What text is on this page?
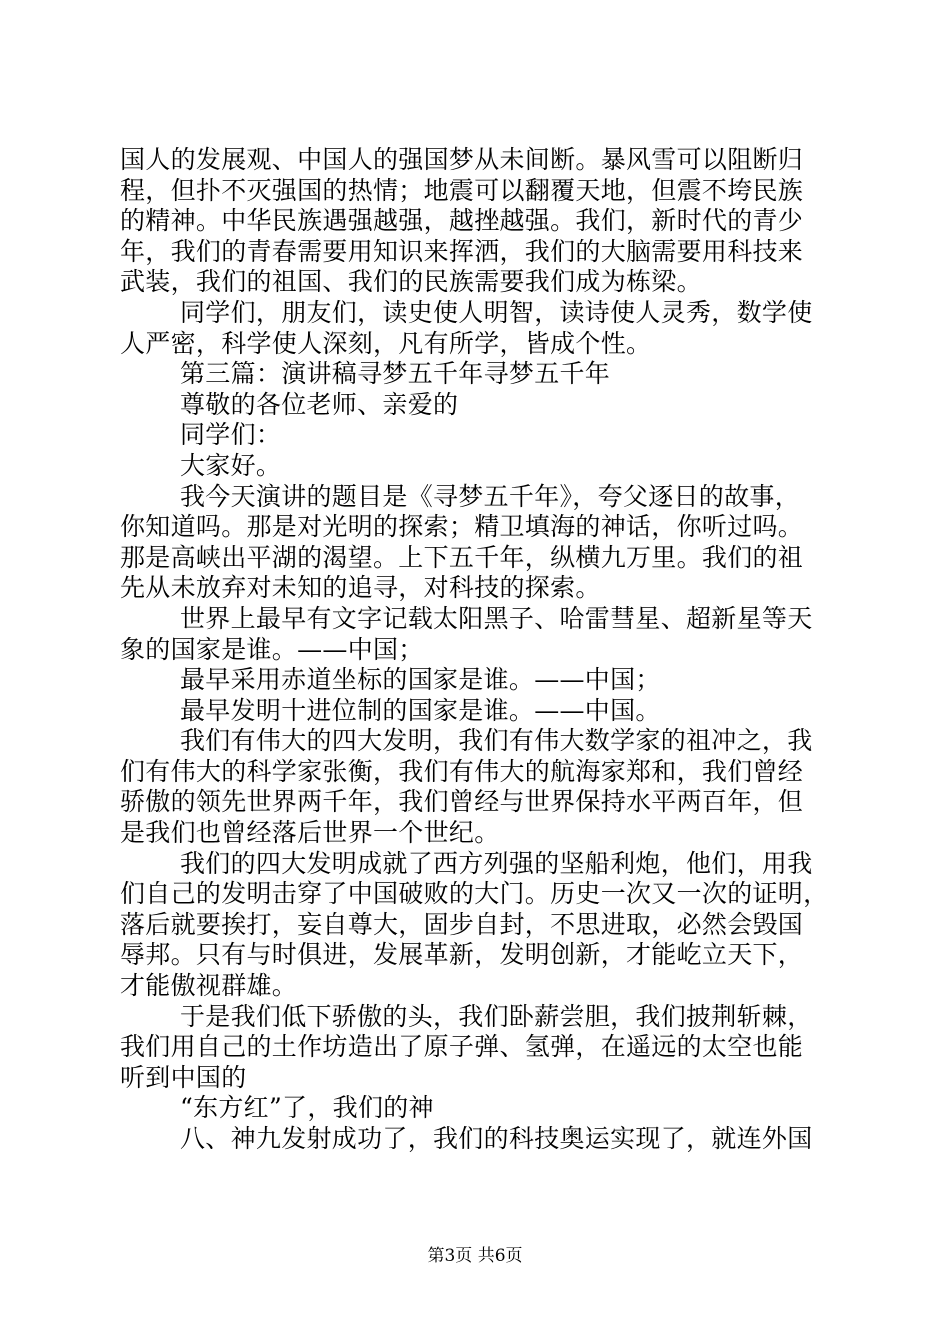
国人的发展观、中国人的强国梦从未间断。暴风雪可以阻断归
程，但扑不灭强国的热情；地震可以翻覆天地，但震不垮民族
的精神。中华民族遇强越强，越挫越强。我们，新时代的青少
年，我们的青春需要用知识来挥洒，我们的大脑需要用科技来
武装，我们的祖国、我们的民族需要我们成为栋梁。
同学们，朋友们，读史使人明智，读诗使人灵秀，数学使
人严密，科学使人深刻，凡有所学，皆成个性。
第三篇：演讲稿寻梦五千年寻梦五千年
尊敬的各位老师、亲爱的
同学们：
大家好。
我今天演讲的题目是《寻梦五千年》，夸父逐日的故事，
你知道吗。那是对光明的探索；精卫填海的神话，你听过吗。
那是高峡出平湖的渴望。上下五千年，纵横九万里。我们的祖
先从未放弃对未知的追寻，对科技的探索。
世界上最早有文字记载太阳黑子、哈雷彗星、超新星等天
象的国家是谁。——中国；
最早采用赤道坐标的国家是谁。——中国；
最早发明十进位制的国家是谁。——中国。
我们有伟大的四大发明，我们有伟大数学家的祖冲之，我
们有伟大的科学家张衡，我们有伟大的航海家郑和，我们曾经
骄傲的领先世界两千年，我们曾经与世界保持水平两百年，但
是我们也曾经落后世界一个世纪。
我们的四大发明成就了西方列强的坚船利炮，他们，用我
们自己的发明击穿了中国破败的大门。历史一次又一次的证明，
落后就要挨打，妄自尊大，固步自封，不思进取，必然会毁国
辱邦。只有与时俱进，发展革新，发明创新，才能屹立天下，
才能傲视群雄。
于是我们低下骄傲的头，我们卧薪尝胆，我们披荆斩棘，
我们用自己的土作坊造出了原子弹、氢弹，在遥远的太空也能
听到中国的
“东方红”了，我们的神
八、神九发射成功了，我们的科技奥运实现了，就连外国
第3页 共6页
